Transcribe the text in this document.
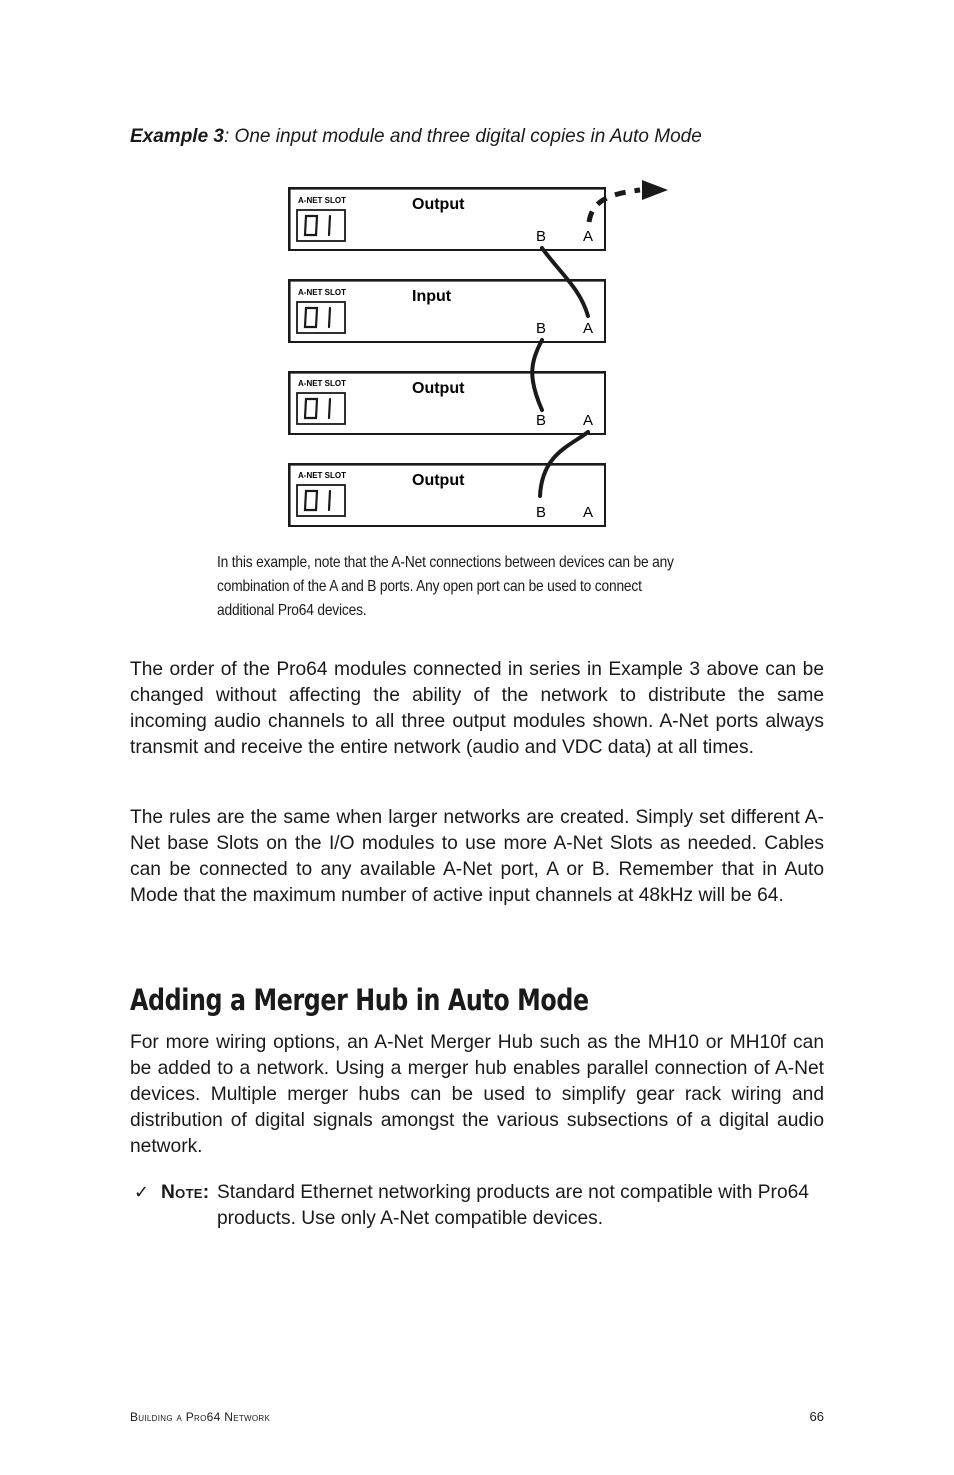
Example 3: One input module and three digital copies in Auto Mode
A-NET SLOT	Output
B A
A-NET SLOT	Input
B A
A-NET SLOT	Output
B A
A-NET SLOT	Output
B A
In this example, note that the A-Net connections between devices can be any combination of the A and B ports. Any open port can be used to connect additional Pro64 devices.
The order of the Pro64 modules connected in series in Example 3 above can be changed without affecting the ability of the network to distribute the same incoming audio channels to all three output modules shown. A-Net ports always transmit and receive the entire network (audio and VDC data) at all times.
The rules are the same when larger networks are created. Simply set different A-Net base Slots on the I/O modules to use more A-Net Slots as needed. Cables can be connected to any available A-Net port, A or B. Remember that in Auto Mode that the maximum number of active input channels at 48kHz will be 64.
Adding a Merger Hub in Auto Mode
For more wiring options, an A-Net Merger Hub such as the MH10 or MH10f can be added to a network. Using a merger hub enables parallel connection of A-Net devices. Multiple merger hubs can be used to simplify gear rack wiring and distribution of digital signals amongst the various subsections of a digital audio network.
✓ Note: Standard Ethernet networking products are not compatible with Pro64 products. Use only A-Net compatible devices.
Building a Pro64 Network	66
